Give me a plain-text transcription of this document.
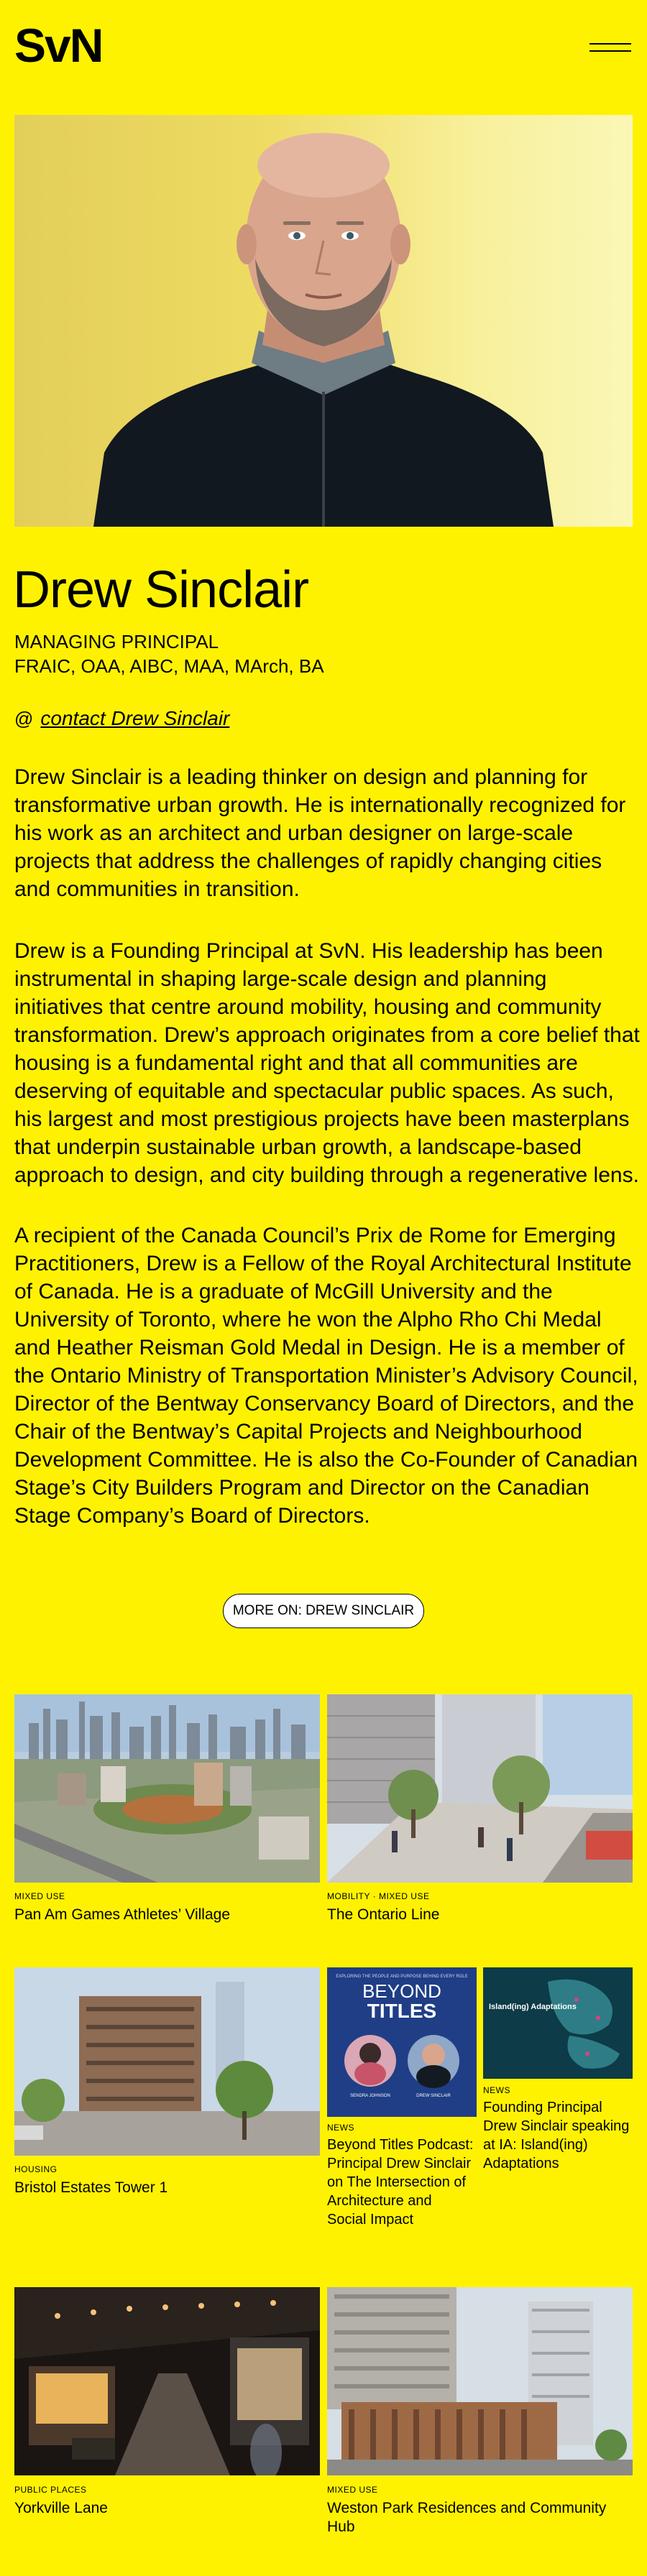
SvN
Drew Sinclair
MANAGING PRINCIPAL
FRAIC, OAA, AIBC, MAA, MArch, BA
@ contact Drew Sinclair

Drew Sinclair is a leading thinker on design and planning for transformative urban growth. He is internationally recognized for his work as an architect and urban designer on large-scale projects that address the challenges of rapidly changing cities and communities in transition.

Drew is a Founding Principal at SvN. His leadership has been instrumental in shaping large-scale design and planning initiatives that centre around mobility, housing and community transformation. Drew’s approach originates from a core belief that housing is a fundamental right and that all communities are deserving of equitable and spectacular public spaces. As such, his largest and most prestigious projects have been masterplans that underpin sustainable urban growth, a landscape-based approach to design, and city building through a regenerative lens.

A recipient of the Canada Council’s Prix de Rome for Emerging Practitioners, Drew is a Fellow of the Royal Architectural Institute of Canada. He is a graduate of McGill University and the University of Toronto, where he won the Alpho Rho Chi Medal and Heather Reisman Gold Medal in Design. He is a member of the Ontario Ministry of Transportation Minister’s Advisory Council, Director of the Bentway Conservancy Board of Directors, and the Chair of the Bentway’s Capital Projects and Neighbourhood Development Committee. He is also the Co-Founder of Canadian Stage’s City Builders Program and Director on the Canadian Stage Company’s Board of Directors.

MORE ON: DREW SINCLAIR
MIXED USE
Pan Am Games Athletes’ Village
MOBILITY · MIXED USE
The Ontario Line
HOUSING
Bristol Estates Tower 1
EXPLORING THE PEOPLE AND PURPOSE BEHIND EVERY ROLE
BEYOND
TITLES
SENDRA JOHNSON	DREW SINCLAIR
NEWS
Beyond Titles Podcast: Principal Drew Sinclair on The Intersection of Architecture and Social Impact
Island(ing) Adaptations
NEWS
Founding Principal Drew Sinclair speaking at IA: Island(ing) Adaptations
PUBLIC PLACES
Yorkville Lane
MIXED USE
Weston Park Residences and Community Hub
